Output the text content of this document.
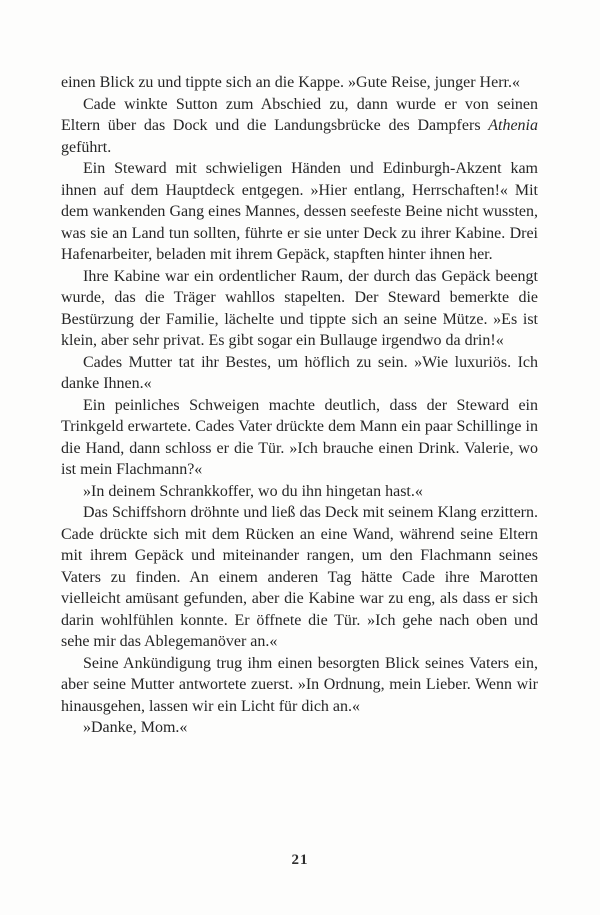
einen Blick zu und tippte sich an die Kappe. »Gute Reise, junger Herr.«

Cade winkte Sutton zum Abschied zu, dann wurde er von seinen Eltern über das Dock und die Landungsbrücke des Dampfers Athenia geführt.

Ein Steward mit schwieligen Händen und Edinburgh-Akzent kam ihnen auf dem Hauptdeck entgegen. »Hier entlang, Herrschaften!« Mit dem wankenden Gang eines Mannes, dessen seefeste Beine nicht wussten, was sie an Land tun sollten, führte er sie unter Deck zu ihrer Kabine. Drei Hafenarbeiter, beladen mit ihrem Gepäck, stapften hinter ihnen her.

Ihre Kabine war ein ordentlicher Raum, der durch das Gepäck beengt wurde, das die Träger wahllos stapelten. Der Steward bemerkte die Bestürzung der Familie, lächelte und tippte sich an seine Mütze. »Es ist klein, aber sehr privat. Es gibt sogar ein Bullauge irgendwo da drin!«

Cades Mutter tat ihr Bestes, um höflich zu sein. »Wie luxuriös. Ich danke Ihnen.«

Ein peinliches Schweigen machte deutlich, dass der Steward ein Trinkgeld erwartete. Cades Vater drückte dem Mann ein paar Schillinge in die Hand, dann schloss er die Tür. »Ich brauche einen Drink. Valerie, wo ist mein Flachmann?«

»In deinem Schrankkoffer, wo du ihn hingetan hast.«

Das Schiffshorn dröhnte und ließ das Deck mit seinem Klang erzittern. Cade drückte sich mit dem Rücken an eine Wand, während seine Eltern mit ihrem Gepäck und miteinander rangen, um den Flachmann seines Vaters zu finden. An einem anderen Tag hätte Cade ihre Marotten vielleicht amüsant gefunden, aber die Kabine war zu eng, als dass er sich darin wohlfühlen konnte. Er öffnete die Tür. »Ich gehe nach oben und sehe mir das Ablegemanöver an.«

Seine Ankündigung trug ihm einen besorgten Blick seines Vaters ein, aber seine Mutter antwortete zuerst. »In Ordnung, mein Lieber. Wenn wir hinausgehen, lassen wir ein Licht für dich an.«

»Danke, Mom.«

21
